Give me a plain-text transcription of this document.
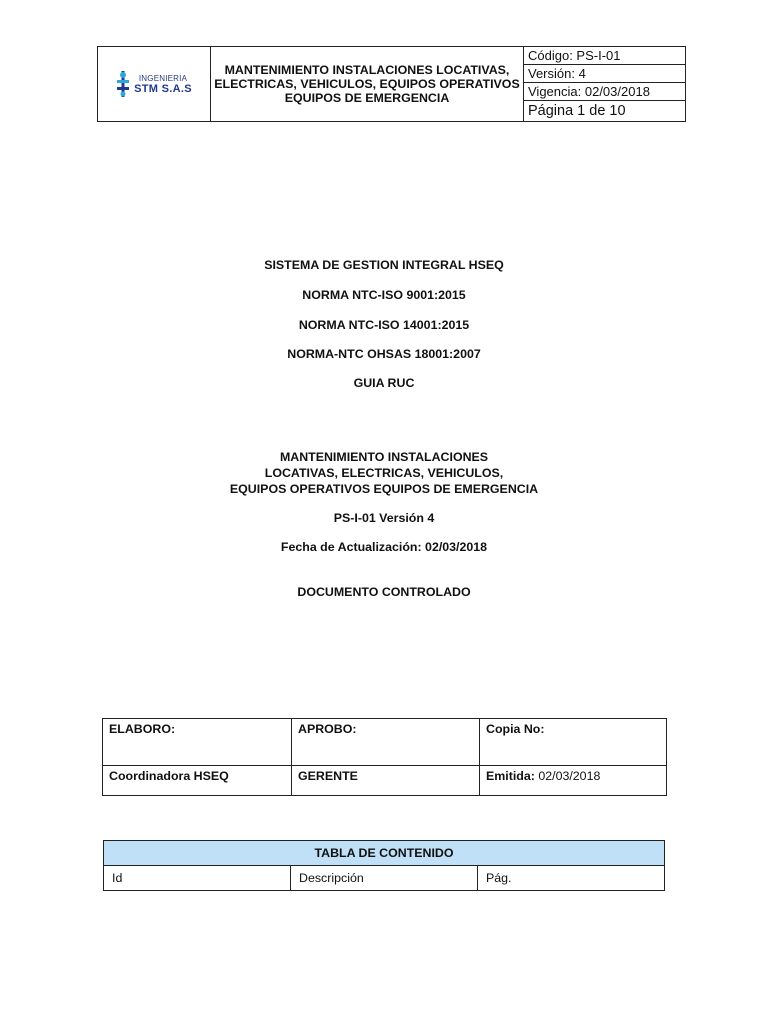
INGENIERIA
STM S.A.S
	MANTENIMIENTO INSTALACIONES LOCATIVAS, ELECTRICAS, VEHICULOS, EQUIPOS OPERATIVOS EQUIPOS DE EMERGENCIA	Código: PS-I-01
Versión: 4
Vigencia: 02/03/2018
Página 1 de 10
SISTEMA DE GESTION INTEGRAL HSEQ
NORMA NTC-ISO 9001:2015
NORMA NTC-ISO 14001:2015
NORMA-NTC OHSAS 18001:2007
GUIA RUC
MANTENIMIENTO INSTALACIONES
LOCATIVAS, ELECTRICAS, VEHICULOS,
EQUIPOS OPERATIVOS EQUIPOS DE EMERGENCIA
PS-I-01 Versión 4
Fecha de Actualización: 02/03/2018
DOCUMENTO CONTROLADO
ELABORO:	APROBO:	Copia No:
Coordinadora HSEQ	GERENTE	Emitida: 02/03/2018
TABLA DE CONTENIDO
Id	Descripción	Pág.
